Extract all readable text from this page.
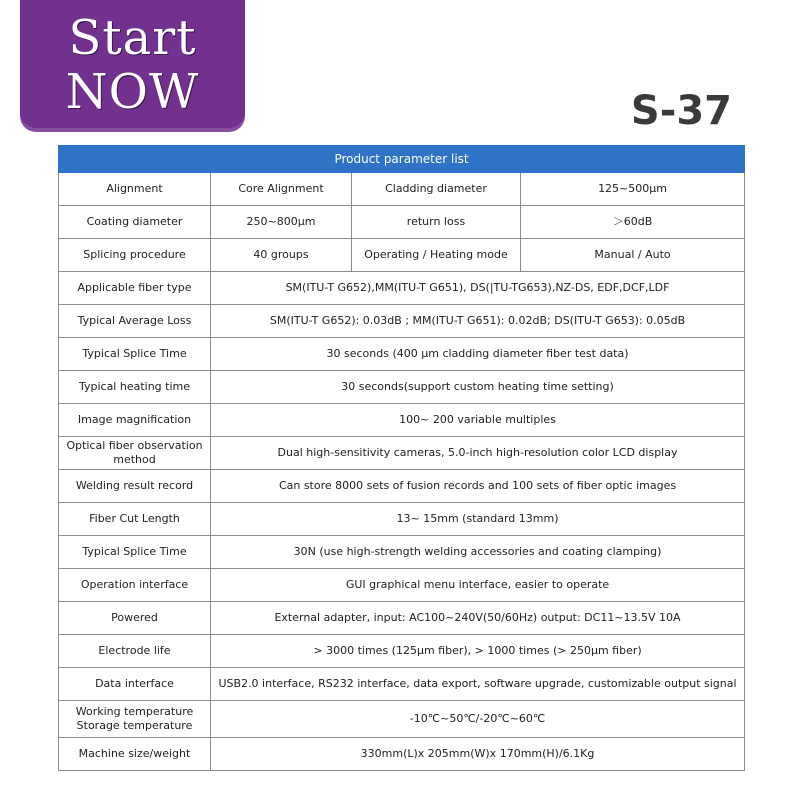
Start
NOW	S-37
Product parameter list			
Alignment	Core Alignment	Cladding diameter	125~500μm
Coating diameter	250~800μm	return loss	＞60dB
Splicing procedure	40 groups	Operating / Heating mode	Manual / Auto
Applicable fiber type	SM(ITU-T G652),MM(ITU-T G651), DS(|TU-TG653),NZ-DS, EDF,DCF,LDF		
Typical Average Loss	SM(ITU-T G652): 0.03dB ; MM(ITU-T G651): 0.02dB; DS(ITU-T G653): 0.05dB		
Typical Splice Time	30 seconds (400 μm cladding diameter fiber test data)		
Typical heating time	30 seconds(support custom heating time setting)		
Image magnification	100~ 200 variable multiples		
Optical fiber observation method	Dual high-sensitivity cameras, 5.0-inch high-resolution color LCD display		
Welding result record	Can store 8000 sets of fusion records and 100 sets of fiber optic images		
Fiber Cut Length	13~ 15mm (standard 13mm)		
Typical Splice Time	30N (use high-strength welding accessories and coating clamping)		
Operation interface	GUI graphical menu interface, easier to operate		
Powered	External adapter, input: AC100~240V(50/60Hz) output: DC11~13.5V 10A		
Electrode life	> 3000 times (125μm fiber), > 1000 times (> 250μm fiber)		
Data interface	USB2.0 interface, RS232 interface, data export, software upgrade, customizable output signal		

Working temperature
Storage temperature	-10℃~50℃/-20℃~60℃		
Machine size/weight	330mm(L)x 205mm(W)x 170mm(H)/6.1Kg		
